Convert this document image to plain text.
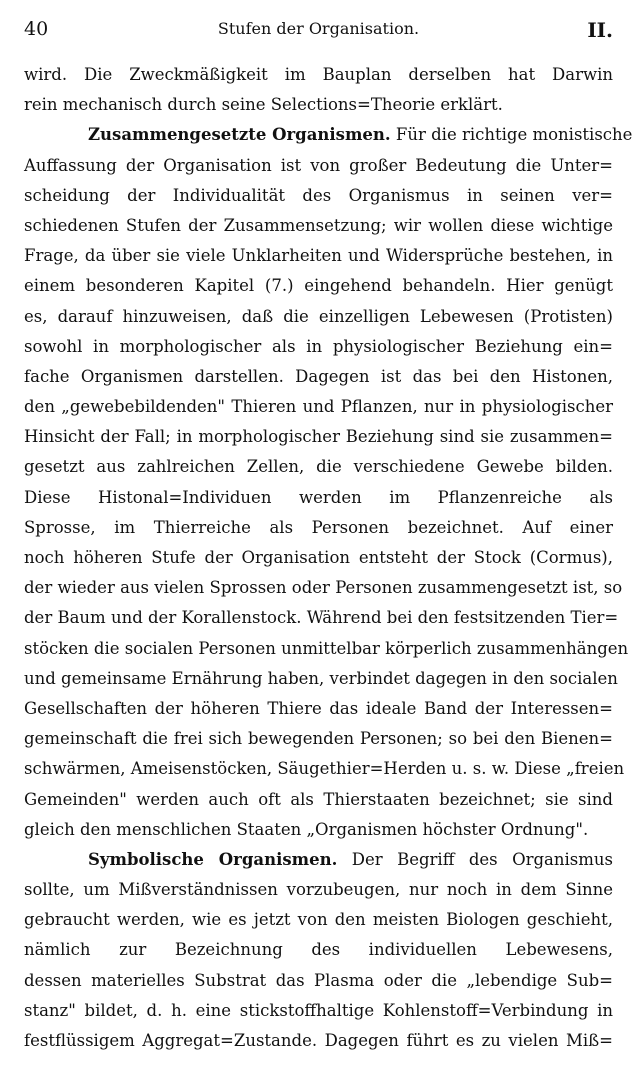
40	Stufen der Organisation.	II.
wird. Die Zweckmäßigkeit im Bauplan derselben hat Darwin
rein mechanisch durch seine Selections=Theorie erklärt.
Zusammengesetzte Organismen. Für die richtige monistische
Auffassung der Organisation ist von großer Bedeutung die Unter=
scheidung der Individualität des Organismus in seinen ver=
schiedenen Stufen der Zusammensetzung; wir wollen diese wichtige
Frage, da über sie viele Unklarheiten und Widersprüche bestehen, in
einem besonderen Kapitel (7.) eingehend behandeln. Hier genügt
es, darauf hinzuweisen, daß die einzelligen Lebewesen (Protisten)
sowohl in morphologischer als in physiologischer Beziehung ein=
fache Organismen darstellen. Dagegen ist das bei den Histonen,
den „gewebebildenden" Thieren und Pflanzen, nur in physiologischer
Hinsicht der Fall; in morphologischer Beziehung sind sie zusammen=
gesetzt aus zahlreichen Zellen, die verschiedene Gewebe bilden.
Diese Histonal=Individuen werden im Pflanzenreiche als
Sprosse, im Thierreiche als Personen bezeichnet. Auf einer
noch höheren Stufe der Organisation entsteht der Stock (Cormus),
der wieder aus vielen Sprossen oder Personen zusammengesetzt ist, so
der Baum und der Korallenstock. Während bei den festsitzenden Tier=
stöcken die socialen Personen unmittelbar körperlich zusammenhängen
und gemeinsame Ernährung haben, verbindet dagegen in den socialen
Gesellschaften der höheren Thiere das ideale Band der Interessen=
gemeinschaft die frei sich bewegenden Personen; so bei den Bienen=
schwärmen, Ameisenstöcken, Säugethier=Herden u. s. w. Diese „freien
Gemeinden" werden auch oft als Thierstaaten bezeichnet; sie sind
gleich den menschlichen Staaten „Organismen höchster Ordnung".
Symbolische Organismen. Der Begriff des Organismus
sollte, um Mißverständnissen vorzubeugen, nur noch in dem Sinne
gebraucht werden, wie es jetzt von den meisten Biologen geschieht,
nämlich zur Bezeichnung des individuellen Lebewesens,
dessen materielles Substrat das Plasma oder die „lebendige Sub=
stanz" bildet, d. h. eine stickstoffhaltige Kohlenstoff=Verbindung in
festflüssigem Aggregat=Zustande. Dagegen führt es zu vielen Miß=
